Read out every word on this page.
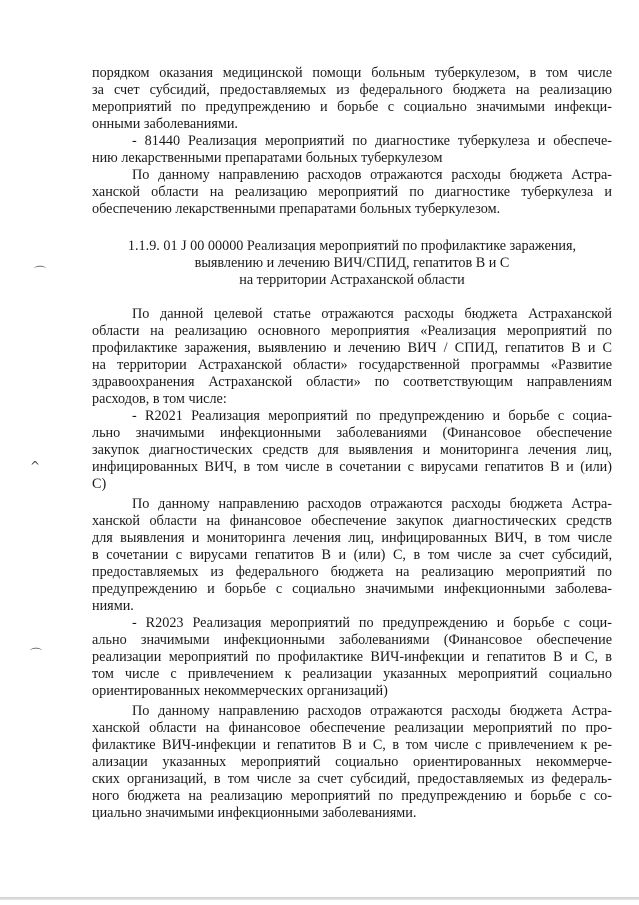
⌒
^
⌒
порядком оказания медицинской помощи больным туберкулезом, в том числе
за счет субсидий, предоставляемых из федерального бюджета на реализацию
мероприятий по предупреждению и борьбе с социально значимыми инфекци-
онными заболеваниями.
- 81440 Реализация мероприятий по диагностике туберкулеза и обеспече-
нию лекарственными препаратами больных туберкулезом
По данному направлению расходов отражаются расходы бюджета Астра-
ханской области на реализацию мероприятий по диагностике туберкулеза и
обеспечению лекарственными препаратами больных туберкулезом.
1.1.9. 01 J 00 00000 Реализация мероприятий по профилактике заражения,
выявлению и лечению ВИЧ/СПИД, гепатитов В и С
на территории Астраханской области
По данной целевой статье отражаются расходы бюджета Астраханской
области на реализацию основного мероприятия «Реализация мероприятий по
профилактике заражения, выявлению и лечению ВИЧ / СПИД, гепатитов В и С
на территории Астраханской области» государственной программы «Развитие
здравоохранения Астраханской области» по соответствующим направлениям
расходов, в том числе:
- R2021 Реализация мероприятий по предупреждению и борьбе с социа-
льно значимыми инфекционными заболеваниями (Финансовое обеспечение
закупок диагностических средств для выявления и мониторинга лечения лиц,
инфицированных ВИЧ, в том числе в сочетании с вирусами гепатитов В и (или)
С)
По данному направлению расходов отражаются расходы бюджета Астра-
ханской области на финансовое обеспечение закупок диагностических средств
для выявления и мониторинга лечения лиц, инфицированных ВИЧ, в том числе
в сочетании с вирусами гепатитов В и (или) С, в том числе за счет субсидий,
предоставляемых из федерального бюджета на реализацию мероприятий по
предупреждению и борьбе с социально значимыми инфекционными заболева-
ниями.
- R2023 Реализация мероприятий по предупреждению и борьбе с соци-
ально значимыми инфекционными заболеваниями (Финансовое обеспечение
реализации мероприятий по профилактике ВИЧ-инфекции и гепатитов В и С, в
том числе с привлечением к реализации указанных мероприятий социально
ориентированных некоммерческих организаций)
По данному направлению расходов отражаются расходы бюджета Астра-
ханской области на финансовое обеспечение реализации мероприятий по про-
филактике ВИЧ-инфекции и гепатитов В и С, в том числе с привлечением к ре-
ализации указанных мероприятий социально ориентированных некоммерче-
ских организаций, в том числе за счет субсидий, предоставляемых из федераль-
ного бюджета на реализацию мероприятий по предупреждению и борьбе с со-
циально значимыми инфекционными заболеваниями.
